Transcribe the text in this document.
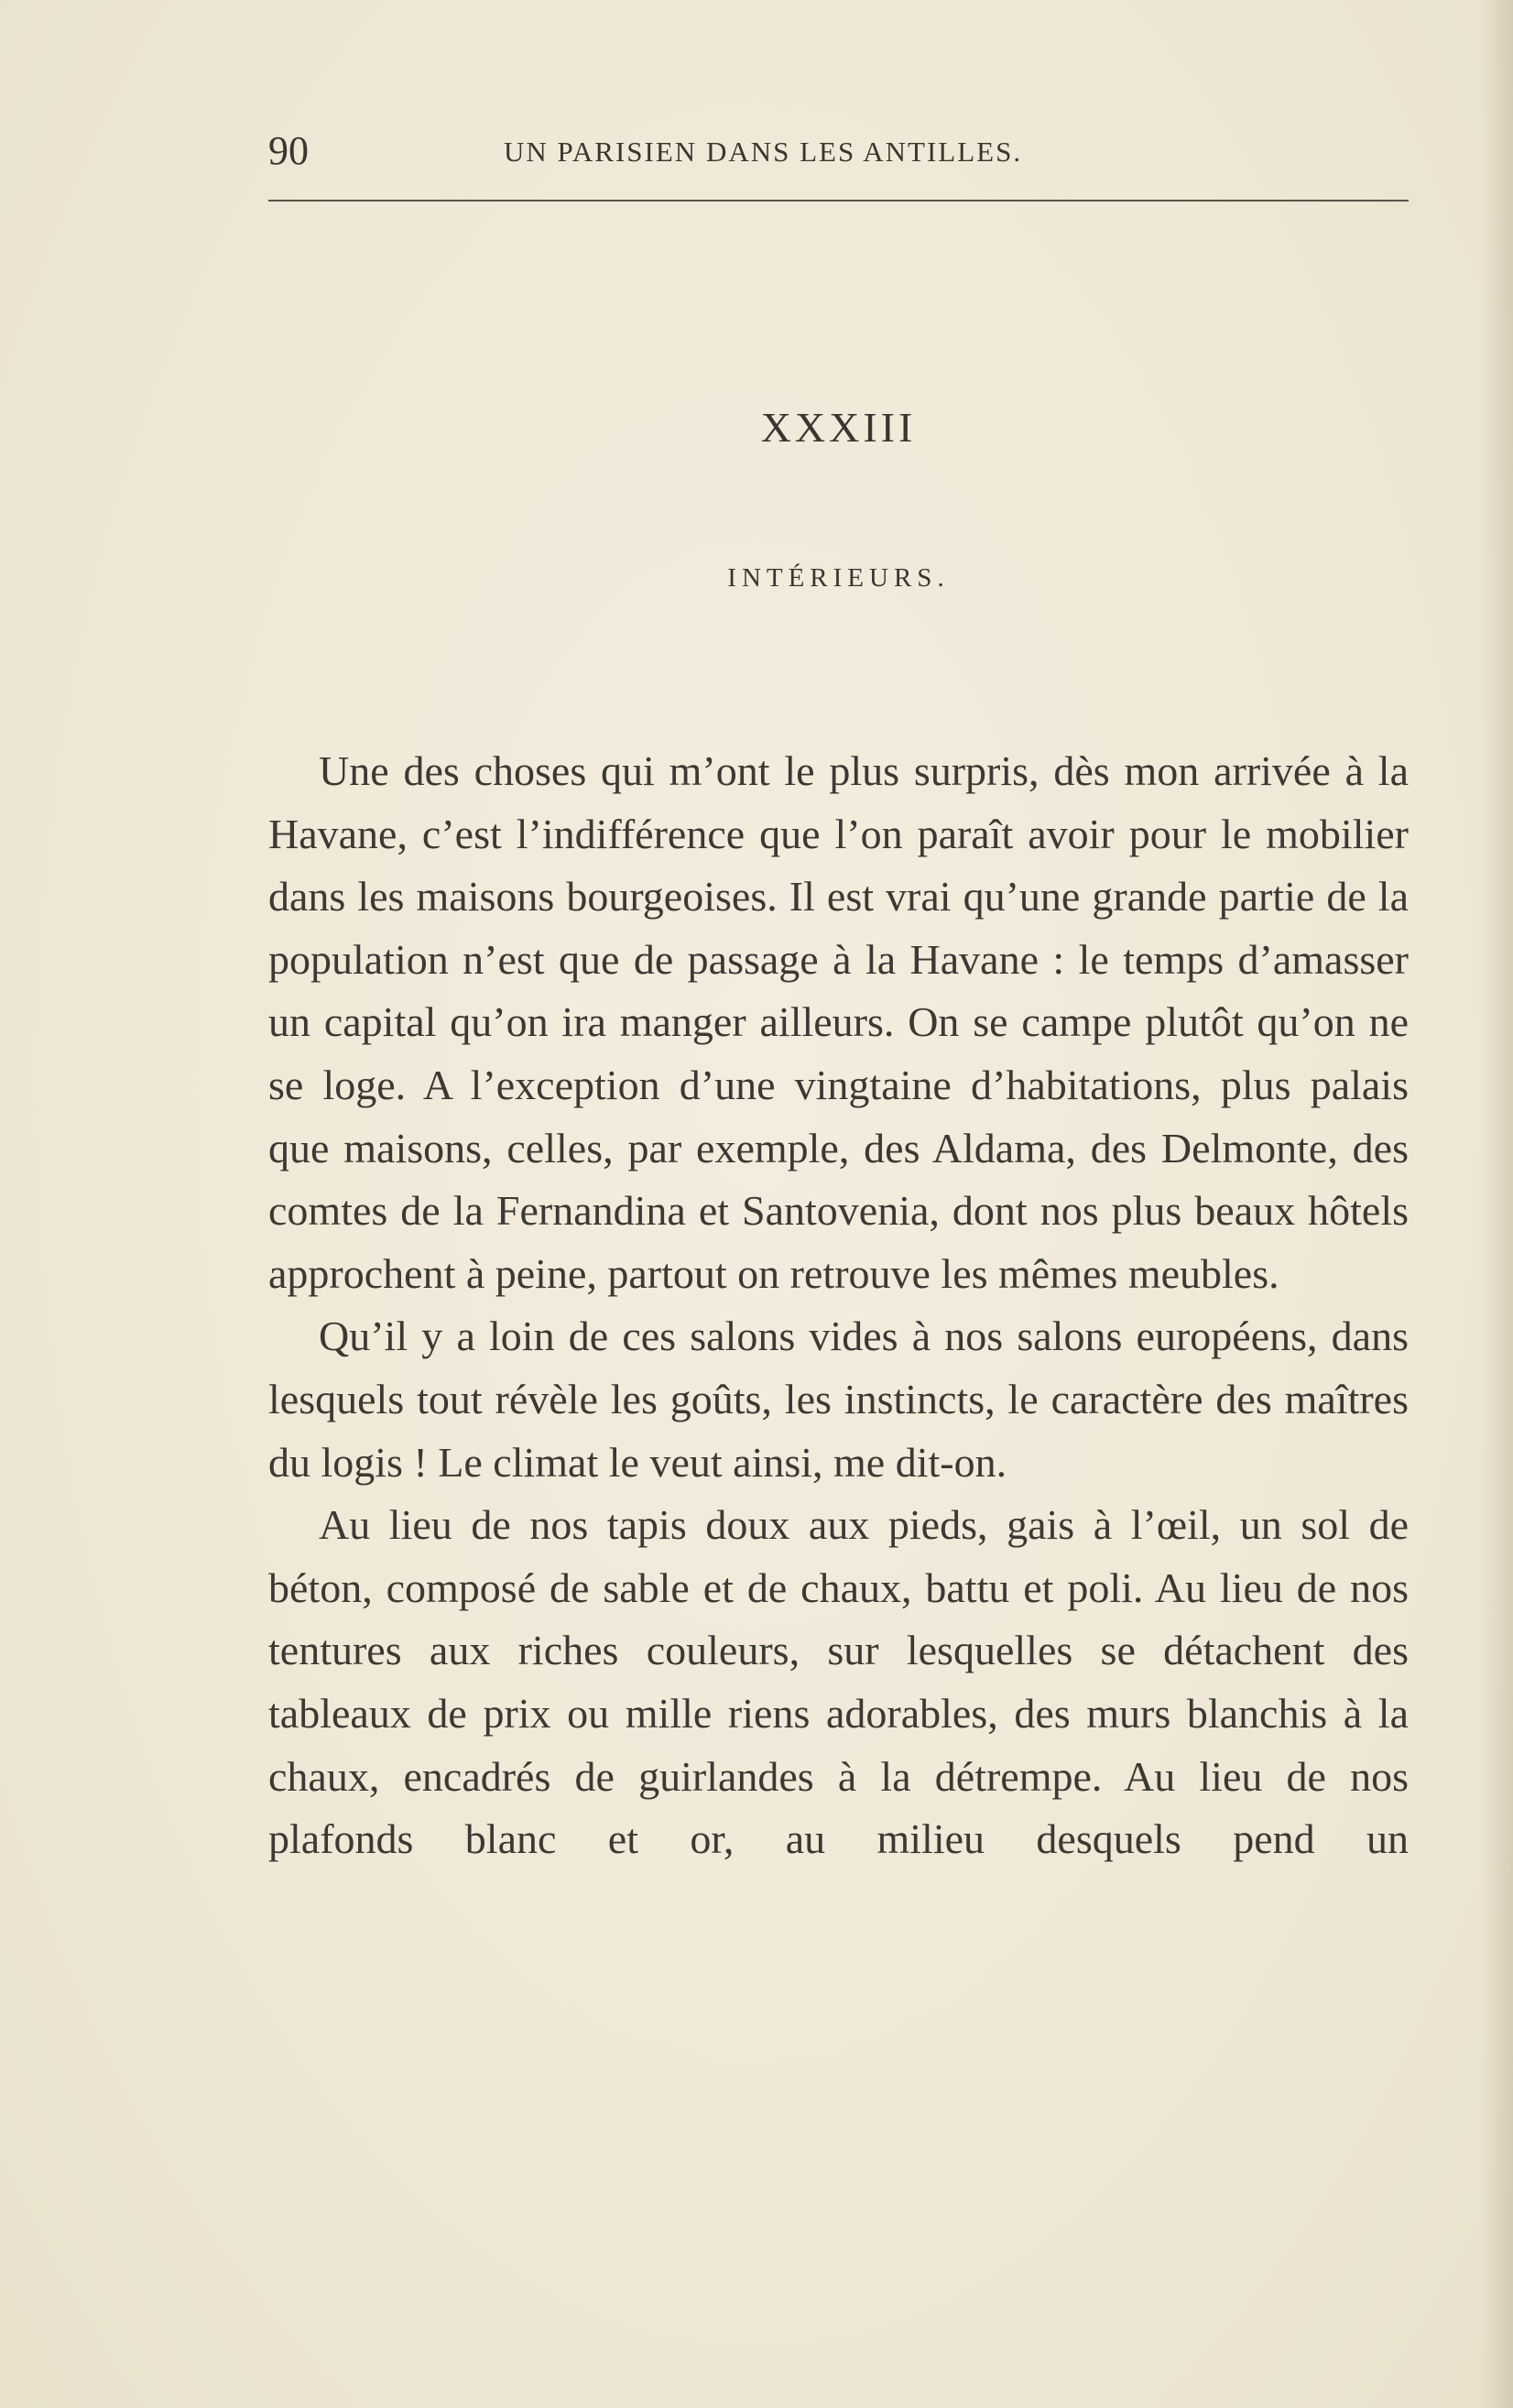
90	UN PARISIEN DANS LES ANTILLES.
XXXIII
INTÉRIEURS.

Une des choses qui m’ont le plus surpris, dès mon arrivée à la Havane, c’est l’indifférence que l’on paraît avoir pour le mobilier dans les maisons bourgeoises. Il est vrai qu’une grande partie de la population n’est que de passage à la Havane : le temps d’amasser un capital qu’on ira manger ailleurs. On se campe plutôt qu’on ne se loge. A l’exception d’une vingtaine d’habitations, plus palais que maisons, celles, par exemple, des Aldama, des Delmonte, des comtes de la Fernandina et Santovenia, dont nos plus beaux hôtels approchent à peine, partout on retrouve les mêmes meubles.

Qu’il y a loin de ces salons vides à nos salons européens, dans lesquels tout révèle les goûts, les instincts, le caractère des maîtres du logis ! Le climat le veut ainsi, me dit-on.

Au lieu de nos tapis doux aux pieds, gais à l’œil, un sol de béton, composé de sable et de chaux, battu et poli. Au lieu de nos tentures aux riches couleurs, sur lesquelles se détachent des tableaux de prix ou mille riens adorables, des murs blanchis à la chaux, encadrés de guirlandes à la détrempe. Au lieu de nos plafonds blanc et or, au milieu desquels pend un
